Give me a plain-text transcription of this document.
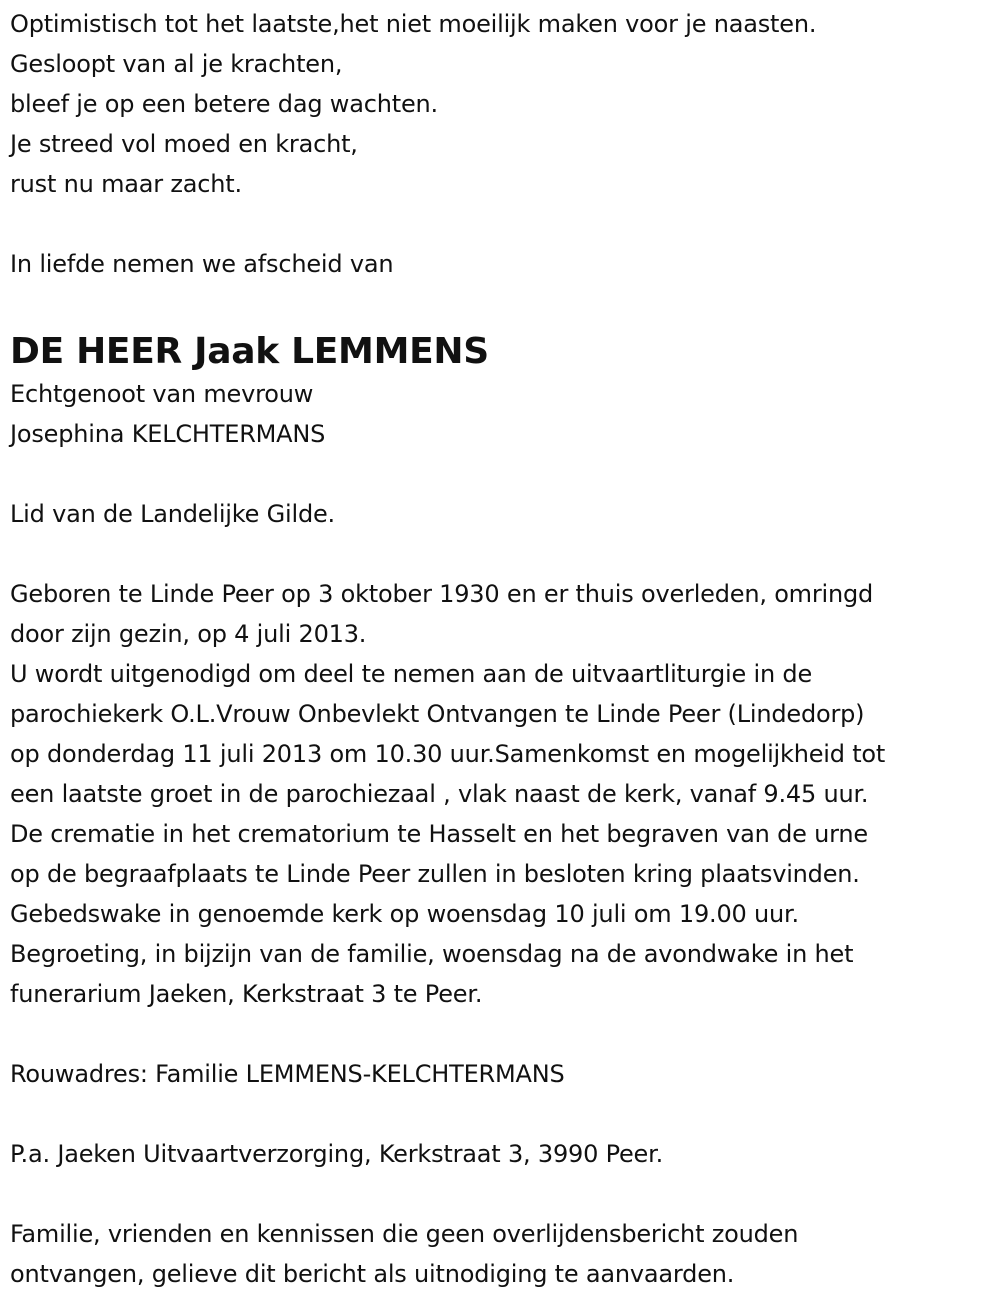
Optimistisch tot het laatste,het niet moeilijk maken voor je naasten.
Gesloopt van al je krachten,
bleef je op een betere dag wachten.
Je streed vol moed en kracht,
rust nu maar zacht.
In liefde nemen we afscheid van
DE HEER Jaak LEMMENS
Echtgenoot van mevrouw
Josephina KELCHTERMANS
Lid van de Landelijke Gilde.
Geboren te Linde Peer op 3 oktober 1930 en er thuis overleden, omringd
door zijn gezin, op 4 juli 2013.
U wordt uitgenodigd om deel te nemen aan de uitvaartliturgie in de
parochiekerk O.L.Vrouw Onbevlekt Ontvangen te Linde Peer (Lindedorp)
op donderdag 11 juli 2013 om 10.30 uur.Samenkomst en mogelijkheid tot
een laatste groet in de parochiezaal , vlak naast de kerk, vanaf 9.45 uur.
De crematie in het crematorium te Hasselt en het begraven van de urne
op de begraafplaats te Linde Peer zullen in besloten kring plaatsvinden.
Gebedswake in genoemde kerk op woensdag 10 juli om 19.00 uur.
Begroeting, in bijzijn van de familie, woensdag na de avondwake in het
funerarium Jaeken, Kerkstraat 3 te Peer.
Rouwadres: Familie LEMMENS-KELCHTERMANS
P.a. Jaeken Uitvaartverzorging, Kerkstraat 3, 3990 Peer.
Familie, vrienden en kennissen die geen overlijdensbericht zouden
ontvangen, gelieve dit bericht als uitnodiging te aanvaarden.
